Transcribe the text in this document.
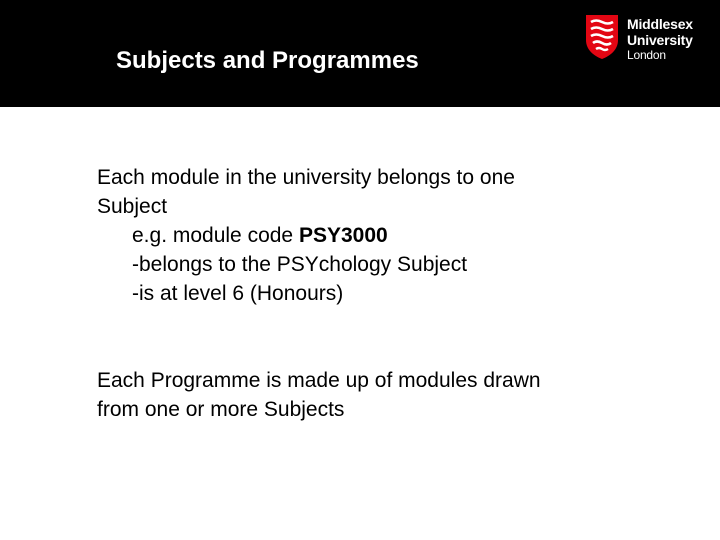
Subjects and Programmes
Middlesex
University
London

Each module in the university belongs to one

Subject

e.g. module code PSY3000

-belongs to the PSYchology Subject

-is at level 6 (Honours)

Each Programme is made up of modules drawn

from one or more Subjects
